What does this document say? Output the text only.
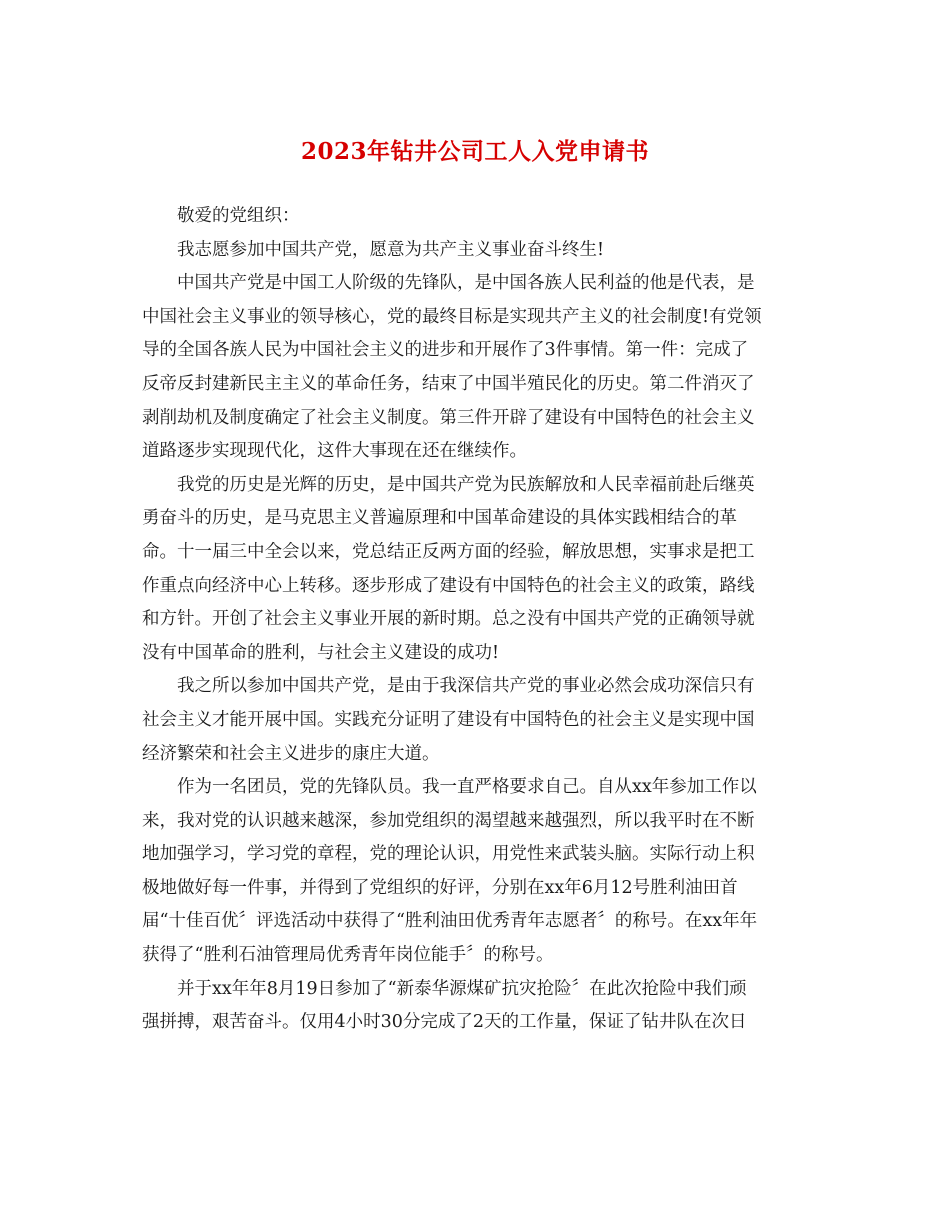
2023年钻井公司工人入党申请书

敬爱的党组织：

我志愿参加中国共产党，愿意为共产主义事业奋斗终生!

中国共产党是中国工人阶级的先锋队，是中国各族人民利益的他是代表，是
中国社会主义事业的领导核心，党的最终目标是实现共产主义的社会制度!有党领
导的全国各族人民为中国社会主义的进步和开展作了3件事情。第一件：完成了
反帝反封建新民主主义的革命任务，结束了中国半殖民化的历史。第二件消灭了
剥削劫机及制度确定了社会主义制度。第三件开辟了建设有中国特色的社会主义
道路逐步实现现代化，这件大事现在还在继续作。

我党的历史是光辉的历史，是中国共产党为民族解放和人民幸福前赴后继英
勇奋斗的历史，是马克思主义普遍原理和中国革命建设的具体实践相结合的革
命。十一届三中全会以来，党总结正反两方面的经验，解放思想，实事求是把工
作重点向经济中心上转移。逐步形成了建设有中国特色的社会主义的政策，路线
和方针。开创了社会主义事业开展的新时期。总之没有中国共产党的正确领导就
没有中国革命的胜利，与社会主义建设的成功!

我之所以参加中国共产党，是由于我深信共产党的事业必然会成功深信只有
社会主义才能开展中国。实践充分证明了建设有中国特色的社会主义是实现中国
经济繁荣和社会主义进步的康庄大道。

作为一名团员，党的先锋队员。我一直严格要求自己。自从xx年参加工作以
来，我对党的认识越来越深，参加党组织的渴望越来越强烈，所以我平时在不断
地加强学习，学习党的章程，党的理论认识，用党性来武装头脑。实际行动上积
极地做好每一件事，并得到了党组织的好评，分别在xx年6月12号胜利油田首
届“十佳百优〞评选活动中获得了“胜利油田优秀青年志愿者〞的称号。在xx年年
获得了“胜利石油管理局优秀青年岗位能手〞的称号。

并于xx年年8月19日参加了“新泰华源煤矿抗灾抢险〞在此次抢险中我们顽
强拼搏，艰苦奋斗。仅用4小时30分完成了2天的工作量，保证了钻井队在次日
